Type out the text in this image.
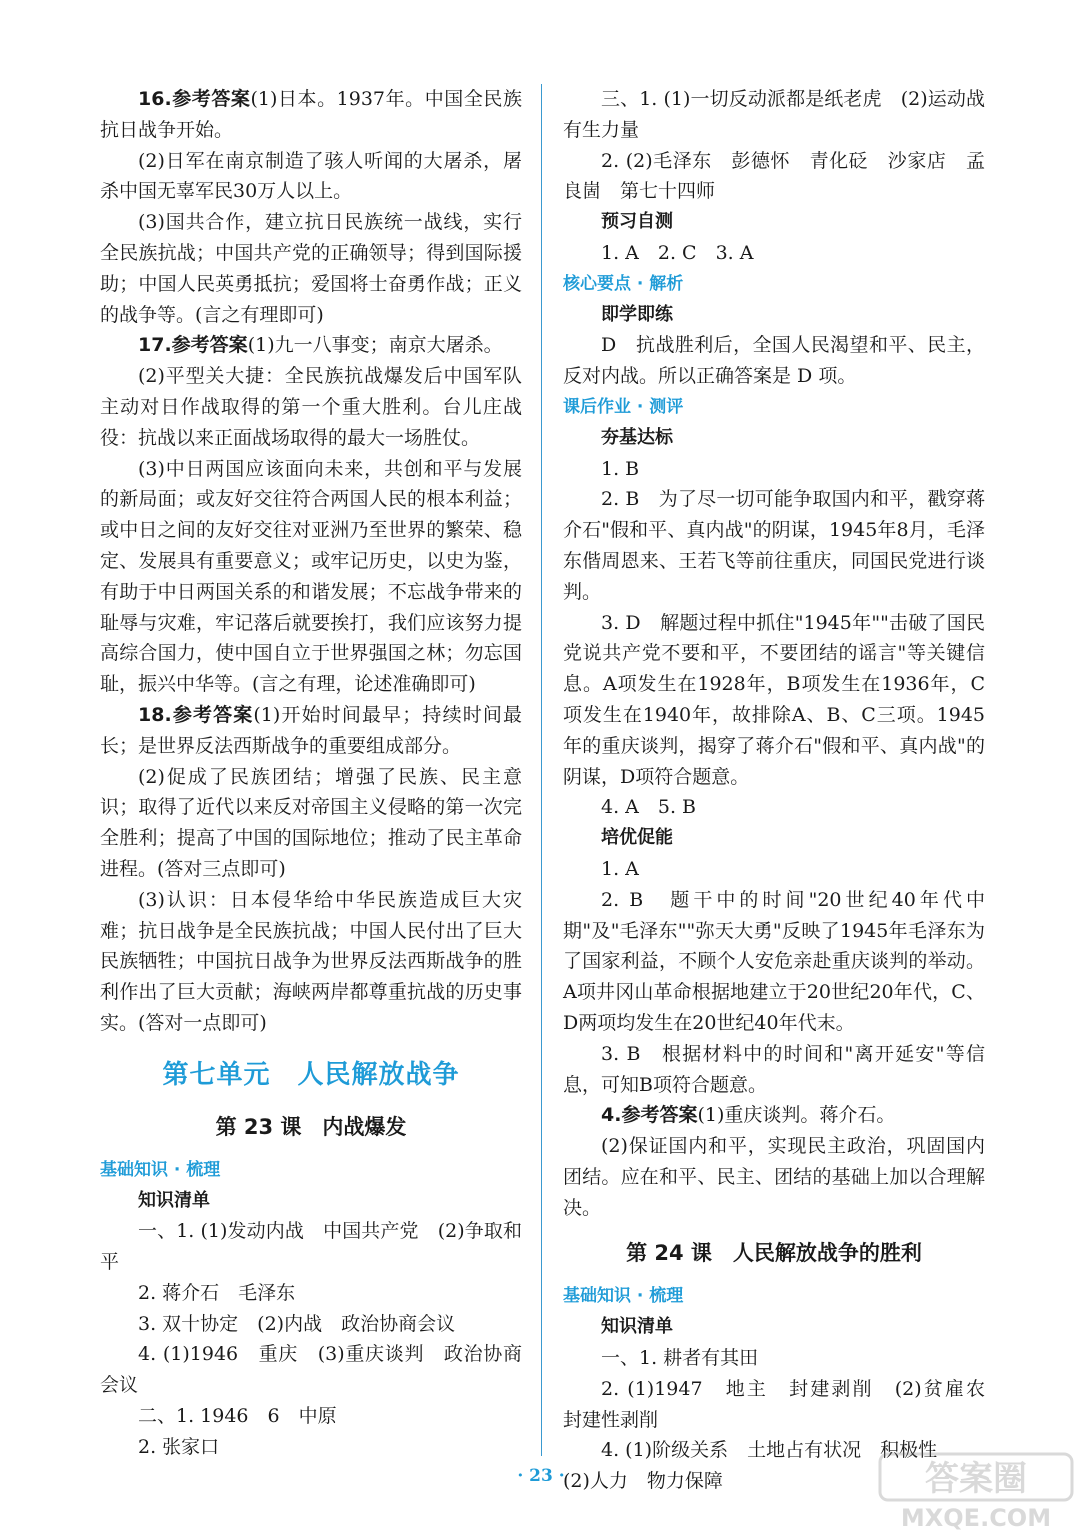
16.参考答案(1)日本。1937年。中国全民族抗日战争开始。

(2)日军在南京制造了骇人听闻的大屠杀，屠杀中国无辜军民30万人以上。

(3)国共合作，建立抗日民族统一战线，实行全民族抗战；中国共产党的正确领导；得到国际援助；中国人民英勇抵抗；爱国将士奋勇作战；正义的战争等。(言之有理即可)

17.参考答案(1)九一八事变；南京大屠杀。

(2)平型关大捷：全民族抗战爆发后中国军队主动对日作战取得的第一个重大胜利。台儿庄战役：抗战以来正面战场取得的最大一场胜仗。

(3)中日两国应该面向未来，共创和平与发展的新局面；或友好交往符合两国人民的根本利益；或中日之间的友好交往对亚洲乃至世界的繁荣、稳定、发展具有重要意义；或牢记历史，以史为鉴，有助于中日两国关系的和谐发展；不忘战争带来的耻辱与灾难，牢记落后就要挨打，我们应该努力提高综合国力，使中国自立于世界强国之林；勿忘国耻，振兴中华等。(言之有理，论述准确即可)

18.参考答案(1)开始时间最早；持续时间最长；是世界反法西斯战争的重要组成部分。

(2)促成了民族团结；增强了民族、民主意识；取得了近代以来反对帝国主义侵略的第一次完全胜利；提高了中国的国际地位；推动了民主革命进程。(答对三点即可)

(3)认识：日本侵华给中华民族造成巨大灾难；抗日战争是全民族抗战；中国人民付出了巨大民族牺牲；中国抗日战争为世界反法西斯战争的胜利作出了巨大贡献；海峡两岸都尊重抗战的历史事实。(答对一点即可)

第七单元　人民解放战争
第 23 课　内战爆发

基础知识 · 梳理

知识清单

一、1. (1)发动内战　中国共产党　(2)争取和平

2. 蒋介石　毛泽东

3. 双十协定　(2)内战　政治协商会议

4. (1)1946　重庆　(3)重庆谈判　政治协商会议

二、1. 1946　6　中原

2. 张家口

三、1. (1)一切反动派都是纸老虎　(2)运动战　有生力量

2. (2)毛泽东　彭德怀　青化砭　沙家店　孟良崮　第七十四师

预习自测

1. A　2. C　3. A

核心要点 · 解析

即学即练

D　抗战胜利后，全国人民渴望和平、民主，反对内战。所以正确答案是 D 项。

课后作业 · 测评

夯基达标

1. B

2. B　为了尽一切可能争取国内和平，戳穿蒋介石"假和平、真内战"的阴谋，1945年8月，毛泽东偕周恩来、王若飞等前往重庆，同国民党进行谈判。

3. D　解题过程中抓住"1945年""击破了国民党说共产党不要和平，不要团结的谣言"等关键信息。A项发生在1928年，B项发生在1936年，C项发生在1940年，故排除A、B、C三项。1945年的重庆谈判，揭穿了蒋介石"假和平、真内战"的阴谋，D项符合题意。

4. A　5. B

培优促能

1. A

2. B　题干中的时间"20世纪40年代中期"及"毛泽东""弥天大勇"反映了1945年毛泽东为了国家利益，不顾个人安危亲赴重庆谈判的举动。A项井冈山革命根据地建立于20世纪20年代，C、D两项均发生在20世纪40年代末。

3. B　根据材料中的时间和"离开延安"等信息，可知B项符合题意。

4.参考答案(1)重庆谈判。蒋介石。

(2)保证国内和平，实现民主政治，巩固国内团结。应在和平、民主、团结的基础上加以合理解决。

第 24 课　人民解放战争的胜利

基础知识 · 梳理

知识清单

一、1. 耕者有其田

2. (1)1947　地主　封建剥削　(2)贫雇农　封建性剥削

4. (1)阶级关系　土地占有状况　积极性

(2)人力　物力保障

· 23 ·	答案圈
MXQE.COM
